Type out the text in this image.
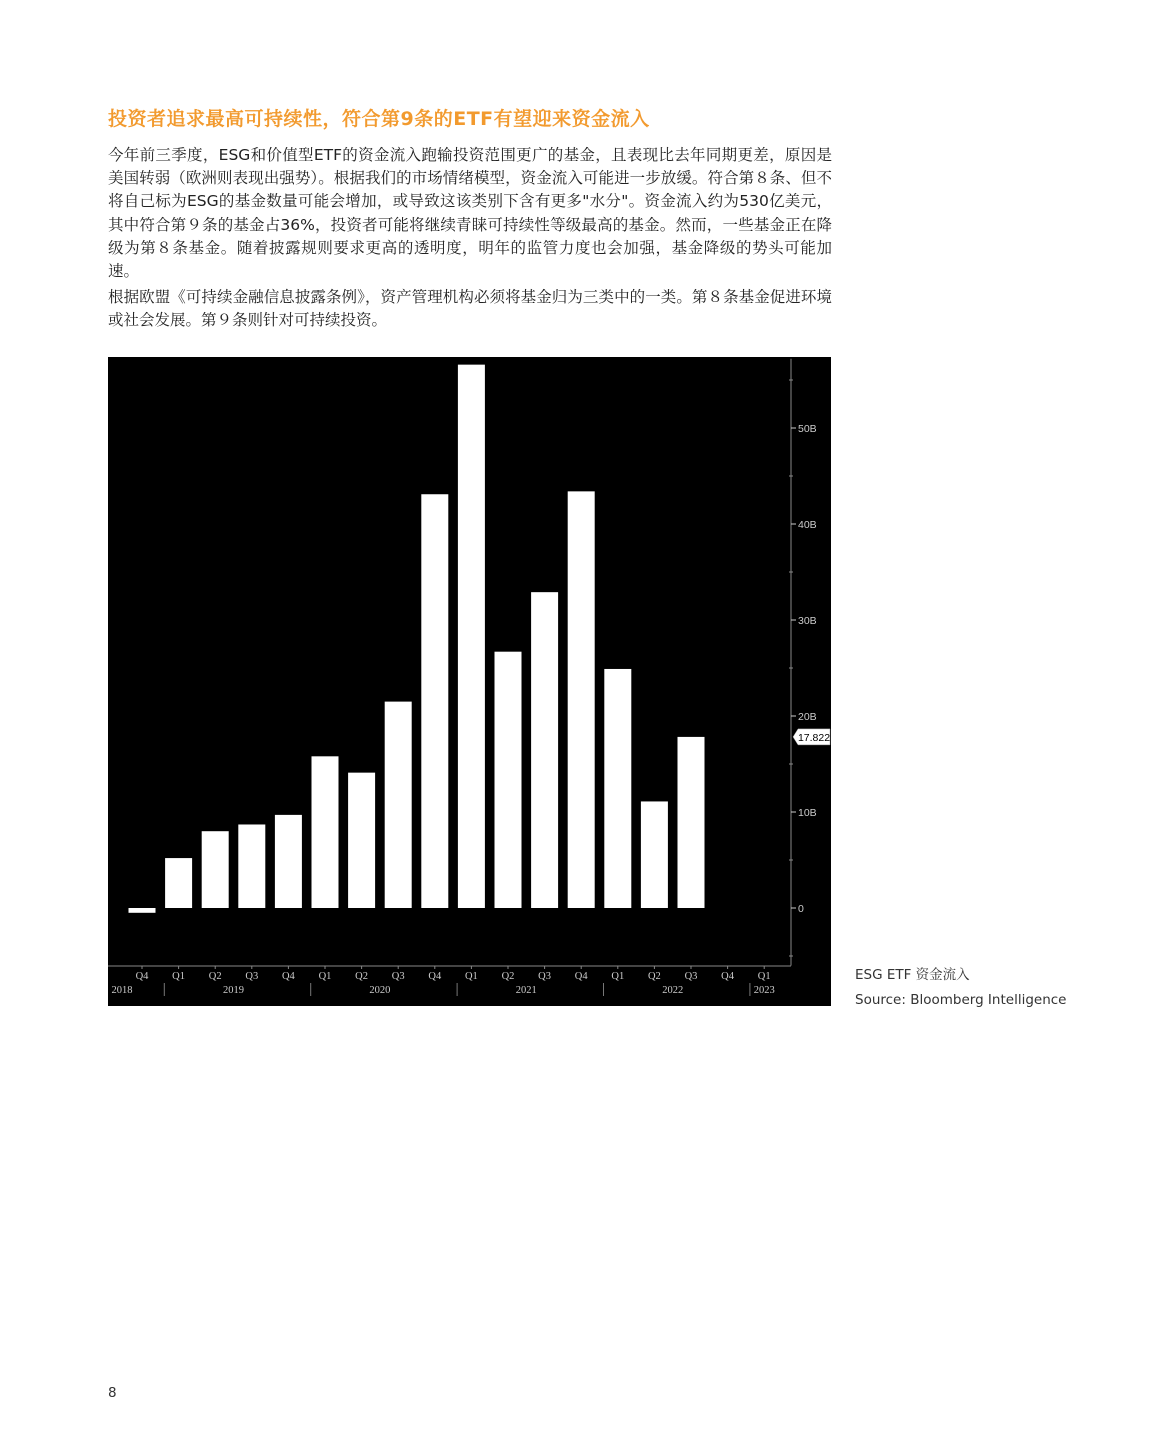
投资者追求最高可持续性，符合第9条的ETF有望迎来资金流入
今年前三季度，ESG和价值型ETF的资金流入跑输投资范围更广的基金，且表现比去年同期更差，原因是美国转弱（欧洲则表现出强势）。根据我们的市场情绪模型，资金流入可能进一步放缓。符合第８条、但不将自己标为ESG的基金数量可能会增加，或导致这该类别下含有更多"水分"。资金流入约为530亿美元，其中符合第９条的基金占36%，投资者可能将继续青睐可持续性等级最高的基金。然而，一些基金正在降级为第８条基金。随着披露规则要求更高的透明度，明年的监管力度也会加强，基金降级的势头可能加速。
根据欧盟《可持续金融信息披露条例》，资产管理机构必须将基金归为三类中的一类。第８条基金促进环境或社会发展。第９条则针对可持续投资。
0
10B
20B
30B
40B
50B
17.822
Q4 Q1 Q2 Q3 Q4 Q1 Q2 Q3 Q4 Q1 Q2 Q3 Q4 Q1 Q2 Q3 Q4 Q1
2018	2019	2020	2021	2022	2023
ESG ETF 资金流入
Source: Bloomberg Intelligence
8
